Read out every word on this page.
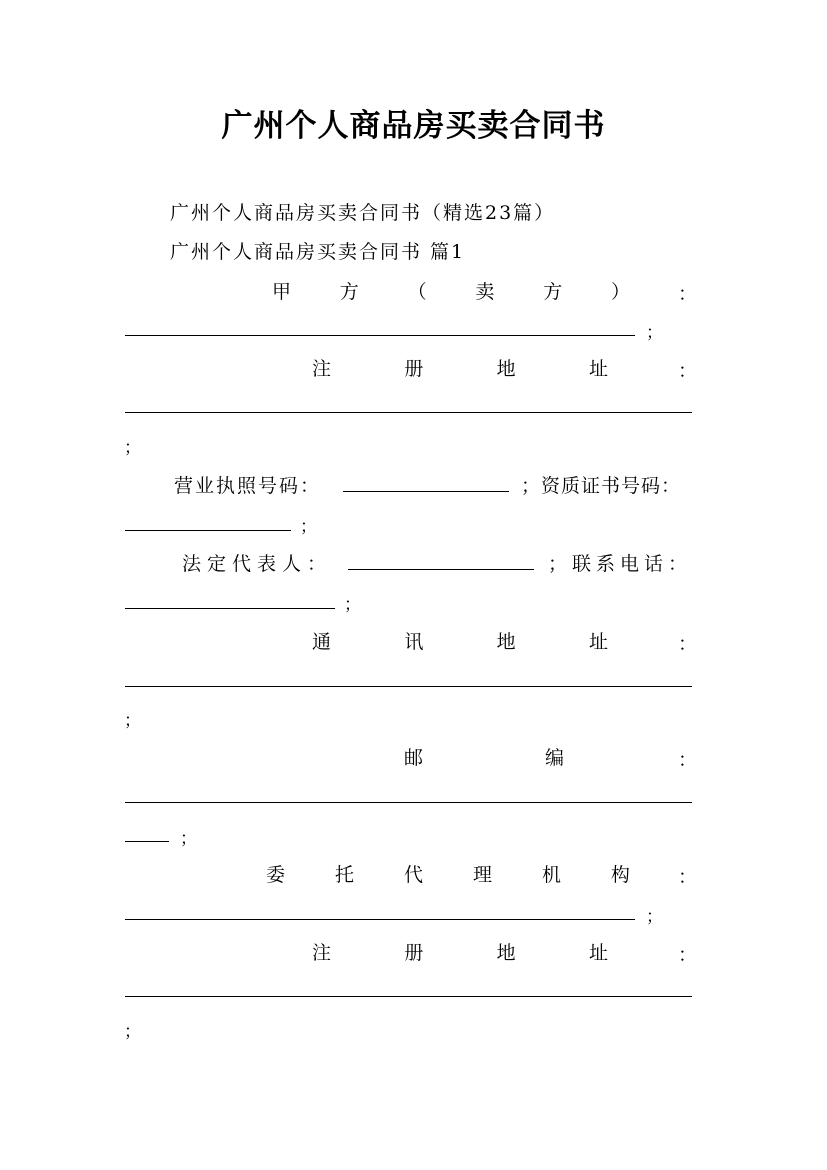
广州个人商品房买卖合同书
广州个人商品房买卖合同书（精选23篇）
广州个人商品房买卖合同书 篇1
甲	方	（	卖	方	）	：
；
注	册	地	址	：
；
营业执照号码：	；资质证书号码：
；
法定代表人：	；联系电话：
；
通	讯	地	址	：
；
邮	编	：
；
委	托	代	理	机	构	：
；
注	册	地	址	：
；
